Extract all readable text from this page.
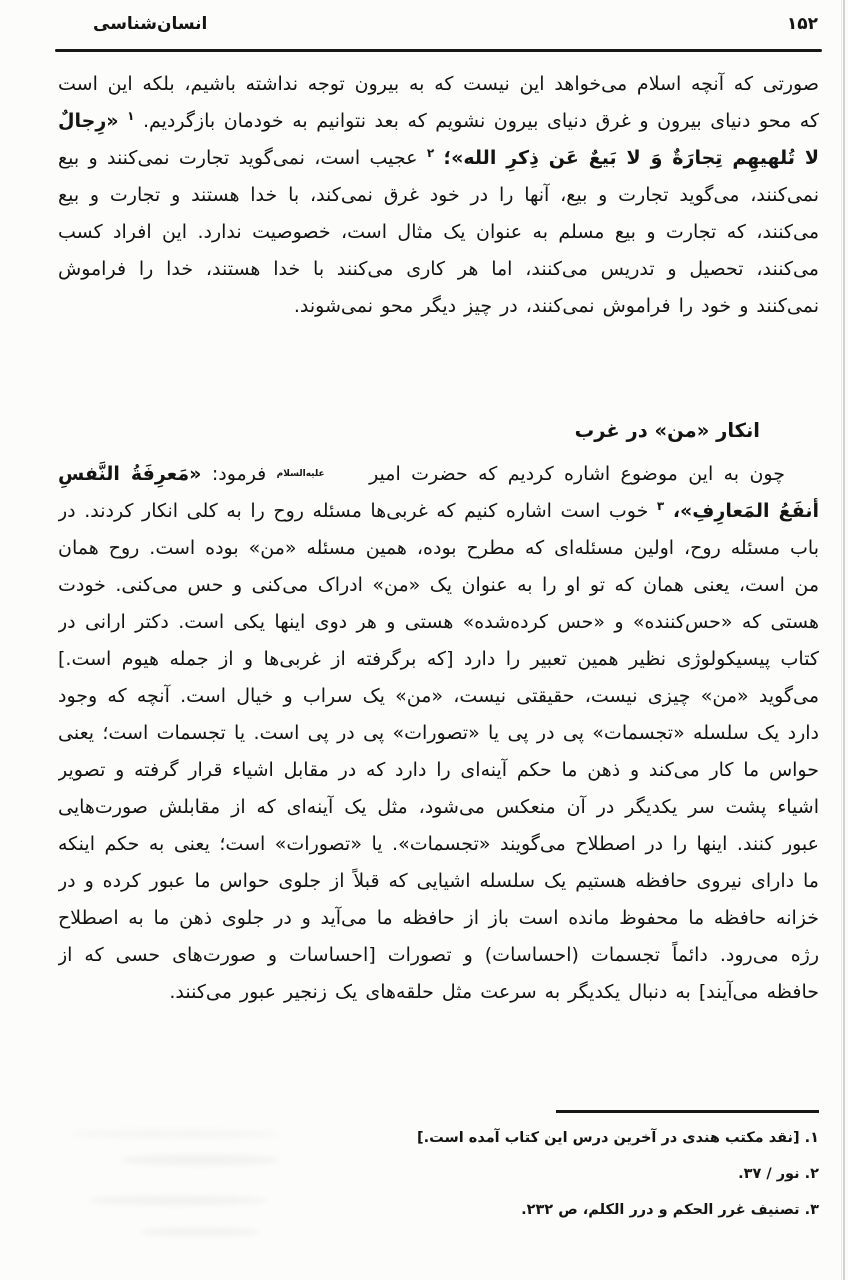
۱۵۲
انسان‌شناسی

صورتی که آنچه اسلام می‌خواهد این نیست که به بیرون توجه نداشته باشیم، بلکه این است که محو دنیای بیرون و غرق دنیای بیرون نشویم که بعد نتوانیم به خودمان بازگردیم. $^۱$ «رِجالٌ لا تُلهیهِم تِجارَةٌ وَ لا بَیعٌ عَن ذِکرِ الله»؛ $^۲$ عجیب است، نمی‌گوید تجارت نمی‌کنند و بیع نمی‌کنند، می‌گوید تجارت و بیع، آنها را در خود غرق نمی‌کند، با خدا هستند و تجارت و بیع می‌کنند، که تجارت و بیع مسلم به عنوان یک مثال است، خصوصیت ندارد. این افراد کسب می‌کنند، تحصیل و تدریس می‌کنند، اما هر کاری می‌کنند با خدا هستند، خدا را فراموش نمی‌کنند و خود را فراموش نمی‌کنند، در چیز دیگر محو نمی‌شوند.

انکار «من» در غرب

چون به این موضوع اشاره کردیم که حضرت امیر علیه‌السلام فرمود: «مَعرِفَةُ النَّفسِ أنفَعُ المَعارِفِ»، $^۳$ خوب است اشاره کنیم که غربی‌ها مسئله روح را به کلی انکار کردند. در باب مسئله روح، اولین مسئله‌ای که مطرح بوده، همین مسئله «من» بوده است. روح همان من است، یعنی همان که تو او را به عنوان یک «من» ادراک می‌کنی و حس می‌کنی. خودت هستی که «حس‌کننده» و «حس کرده‌شده» هستی و هر دوی اینها یکی است. دکتر ارانی در کتاب پیسیکولوژی نظیر همین تعبیر را دارد [که برگرفته از غربی‌ها و از جمله هیوم است.] می‌گوید «من» چیزی نیست، حقیقتی نیست، «من» یک سراب و خیال است. آنچه که وجود دارد یک سلسله «تجسمات» پی در پی یا «تصورات» پی در پی است. یا تجسمات است؛ یعنی حواس ما کار می‌کند و ذهن ما حکم آینه‌ای را دارد که در مقابل اشیاء قرار گرفته و تصویر اشیاء پشت سر یکدیگر در آن منعکس می‌شود، مثل یک آینه‌ای که از مقابلش صورت‌هایی عبور کنند. اینها را در اصطلاح می‌گویند «تجسمات». یا «تصورات» است؛ یعنی به حکم اینکه ما دارای نیروی حافظه هستیم یک سلسله اشیایی که قبلاً از جلوی حواس ما عبور کرده و در خزانه حافظه ما محفوظ مانده است باز از حافظه ما می‌آید و در جلوی ذهن ما به اصطلاح رژه می‌رود. دائماً تجسمات (احساسات) و تصورات [احساسات و صورت‌های حسی که از حافظه می‌آیند] به دنبال یکدیگر به سرعت مثل حلقه‌های یک زنجیر عبور می‌کنند.

۱. [نقد مکتب هندی در آخرین درس این کتاب آمده است.]
۲. نور / ۳۷.
۳. تصنیف غرر الحکم و درر الکلم، ص ۲۳۲.
